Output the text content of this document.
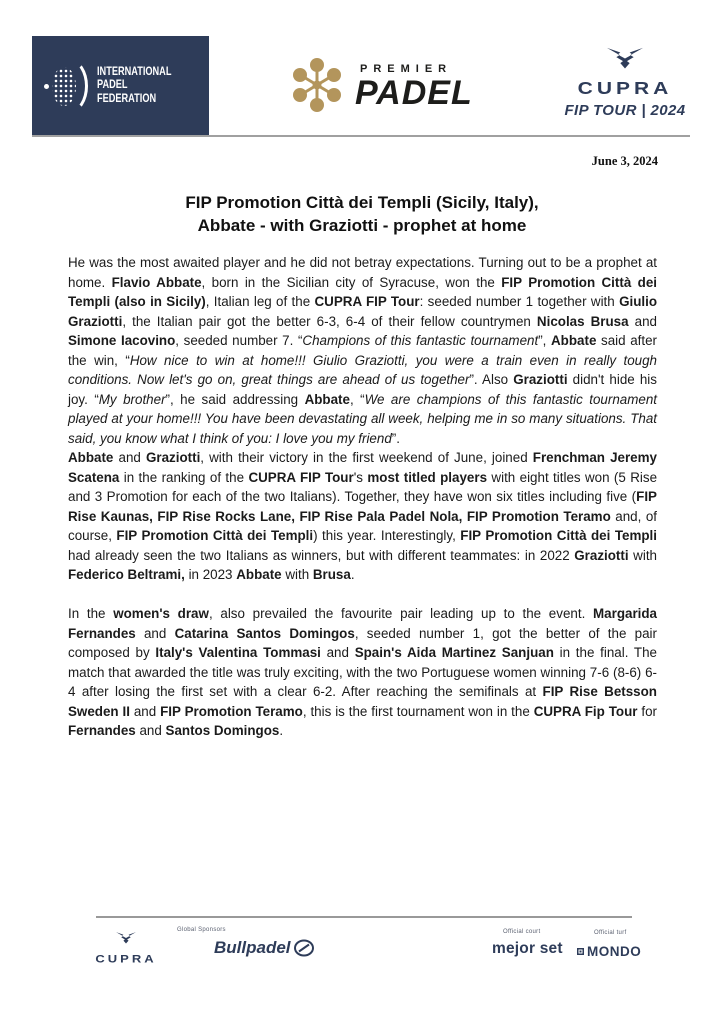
INTERNATIONAL
PADEL
FEDERATION
PREMIER
PADEL	CUPRA
FIP TOUR | 2024
June 3, 2024
FIP Promotion Città dei Templi (Sicily, Italy),
Abbate - with Graziotti - prophet at home

He was the most awaited player and he did not betray expectations. Turning out to be a prophet at home. Flavio Abbate, born in the Sicilian city of Syracuse, won the FIP Promotion Città dei Templi (also in Sicily), Italian leg of the CUPRA FIP Tour: seeded number 1 together with Giulio Graziotti, the Italian pair got the better 6-3, 6-4 of their fellow countrymen Nicolas Brusa and Simone Iacovino, seeded number 7. “Champions of this fantastic tournament”, Abbate said after the win, “How nice to win at home!!! Giulio Graziotti, you were a train even in really tough conditions. Now let's go on, great things are ahead of us together”. Also Graziotti didn't hide his joy. “My brother”, he said addressing Abbate, “We are champions of this fantastic tournament played at your home!!! You have been devastating all week, helping me in so many situations. That said, you know what I think of you: I love you my friend”.

Abbate and Graziotti, with their victory in the first weekend of June, joined Frenchman Jeremy Scatena in the ranking of the CUPRA FIP Tour's most titled players with eight titles won (5 Rise and 3 Promotion for each of the two Italians). Together, they have won six titles including five (FIP Rise Kaunas, FIP Rise Rocks Lane, FIP Rise Pala Padel Nola, FIP Promotion Teramo and, of course, FIP Promotion Città dei Templi) this year. Interestingly, FIP Promotion Città dei Templi had already seen the two Italians as winners, but with different teammates: in 2022 Graziotti with Federico Beltrami, in 2023 Abbate with Brusa.

In the women's draw, also prevailed the favourite pair leading up to the event. Margarida Fernandes and Catarina Santos Domingos, seeded number 1, got the better of the pair composed by Italy's Valentina Tommasi and Spain's Aida Martinez Sanjuan in the final. The match that awarded the title was truly exciting, with the two Portuguese women winning 7-6 (8-6) 6-4 after losing the first set with a clear 6-2. After reaching the semifinals at FIP Rise Betsson Sweden II and FIP Promotion Teramo, this is the first tournament won in the CUPRA Fip Tour for Fernandes and Santos Domingos.

CUPRA
Global Sponsors
Bullpadel
Official court
mejor set
Official turf
MONDO
